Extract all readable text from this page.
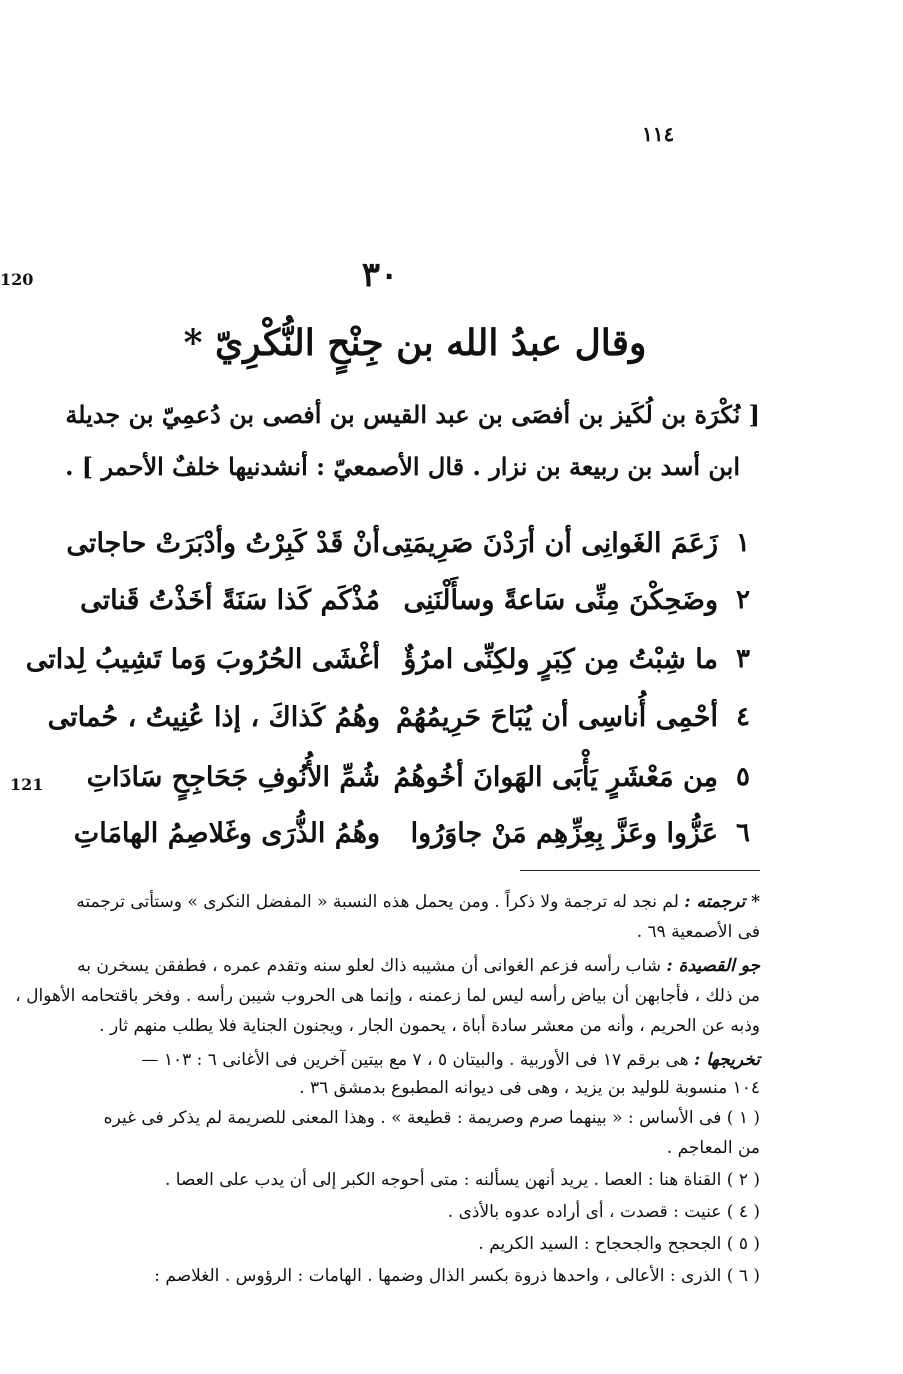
١١٤
120
121
٣٠
وقال عبدُ الله بن جِنْحٍ النُّكْرِيّ *
[ نُكْرَة بن لُكَيز بن أفصَى بن عبد القيس بن أفصى بن دُعمِيّ بن جديلة
ابن أسد بن ربيعة بن نزار . قال الأصمعيّ : أنشدنيها خلفٌ الأحمر ] .
١
زَعَمَ الغَوانِى أن أرَدْنَ صَرِيمَتِى
أنْ قَدْ كَبِرْتُ وأدْبَرَتْ حاجاتى
٢
وضَحِكْنَ مِنِّى سَاعةً وسأَلْنَنِى
مُذْكَم كَذا سَنَةً أخَذْتُ قَناتى
٣
ما شِبْتُ مِن كِبَرٍ ولكِنِّى امرُؤٌ
أغْشَى الحُرُوبَ وَما تَشِيبُ لِداتى
٤
أحْمِى أُناسِى أن يُبَاحَ حَرِيمُهُمْ
وهُمُ كَذاكَ ، إذا عُنِيتُ ، حُماتى
٥
مِن مَعْشَرٍ يَأْبَى الهَوانَ أخُوهُمُ
شُمِّ الأُنُوفِ جَحَاجِحٍ سَادَاتِ
٦
عَزُّوا وعَزَّ بِعِزِّهِم مَنْ جاوَرُوا
وهُمُ الذُّرَى وغَلاصِمُ الهامَاتِ
* ترجمته : لم نجد له ترجمة ولا ذكراً . ومن يحمل هذه النسبة « المفضل النكرى » وستأتى ترجمته
فى الأصمعية ٦٩ .
جو القصيدة : شاب رأسه فزعم الغوانى أن مشيبه ذاك لعلو سنه وتقدم عمره ، فطفقن يسخرن به
من ذلك ، فأجابهن أن بياض رأسه ليس لما زعمنه ، وإنما هى الحروب شيبن رأسه . وفخر باقتحامه الأهوال ،
وذبه عن الحريم ، وأنه من معشر سادة أباة ، يحمون الجار ، ويجنون الجناية فلا يطلب منهم ثار .
تخريجها : هى برقم ١٧ فى الأوربية . والبيتان ٥ ، ٧ مع بيتين آخرين فى الأغانى ٦ : ١٠٣ —
١٠٤ منسوبة للوليد بن يزيد ، وهى فى ديوانه المطبوع بدمشق ٣٦ .
( ١ ) فى الأساس : « بينهما صرم وصريمة : قطيعة » . وهذا المعنى للصريمة لم يذكر فى غيره
من المعاجم .
( ٢ ) القناة هنا : العصا . يريد أنهن يسألنه : متى أحوجه الكبر إلى أن يدب على العصا .
( ٤ ) عنيت : قصدت ، أى أراده عدوه بالأذى .
( ٥ ) الجحجح والجحجاح : السيد الكريم .
( ٦ ) الذرى : الأعالى ، واحدها ذروة بكسر الذال وضمها . الهامات : الرؤوس . الغلاصم :
